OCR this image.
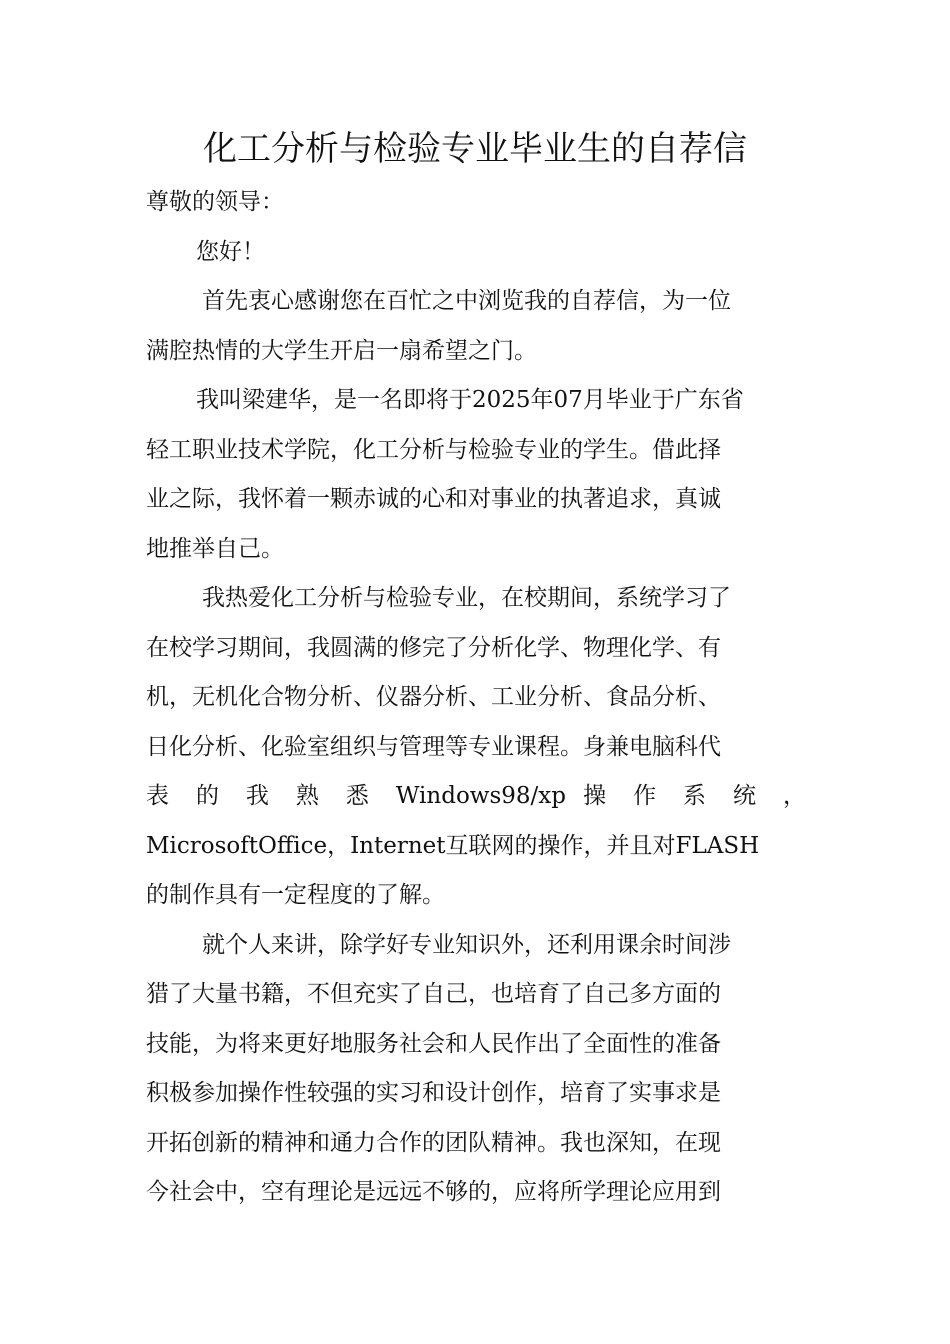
化工分析与检验专业毕业生的自荐信
尊敬的领导：
您好！
首先衷心感谢您在百忙之中浏览我的自荐信，为一位
满腔热情的大学生开启一扇希望之门。
我叫梁建华，是一名即将于2025年07月毕业于广东省
轻工职业技术学院，化工分析与检验专业的学生。借此择
业之际，我怀着一颗赤诚的心和对事业的执著追求，真诚
地推举自己。
我热爱化工分析与检验专业，在校期间，系统学习了
在校学习期间，我圆满的修完了分析化学、物理化学、有
机，无机化合物分析、仪器分析、工业分析、食品分析、
日化分析、化验室组织与管理等专业课程。身兼电脑科代
表 的 我 熟 悉 Windows98/xp 操 作 系 统 ，
MicrosoftOffice，Internet互联网的操作，并且对FLASH
的制作具有一定程度的了解。
就个人来讲，除学好专业知识外，还利用课余时间涉
猎了大量书籍，不但充实了自己，也培育了自己多方面的
技能，为将来更好地服务社会和人民作出了全面性的准备
积极参加操作性较强的实习和设计创作，培育了实事求是
开拓创新的精神和通力合作的团队精神。我也深知，在现
今社会中，空有理论是远远不够的，应将所学理论应用到
